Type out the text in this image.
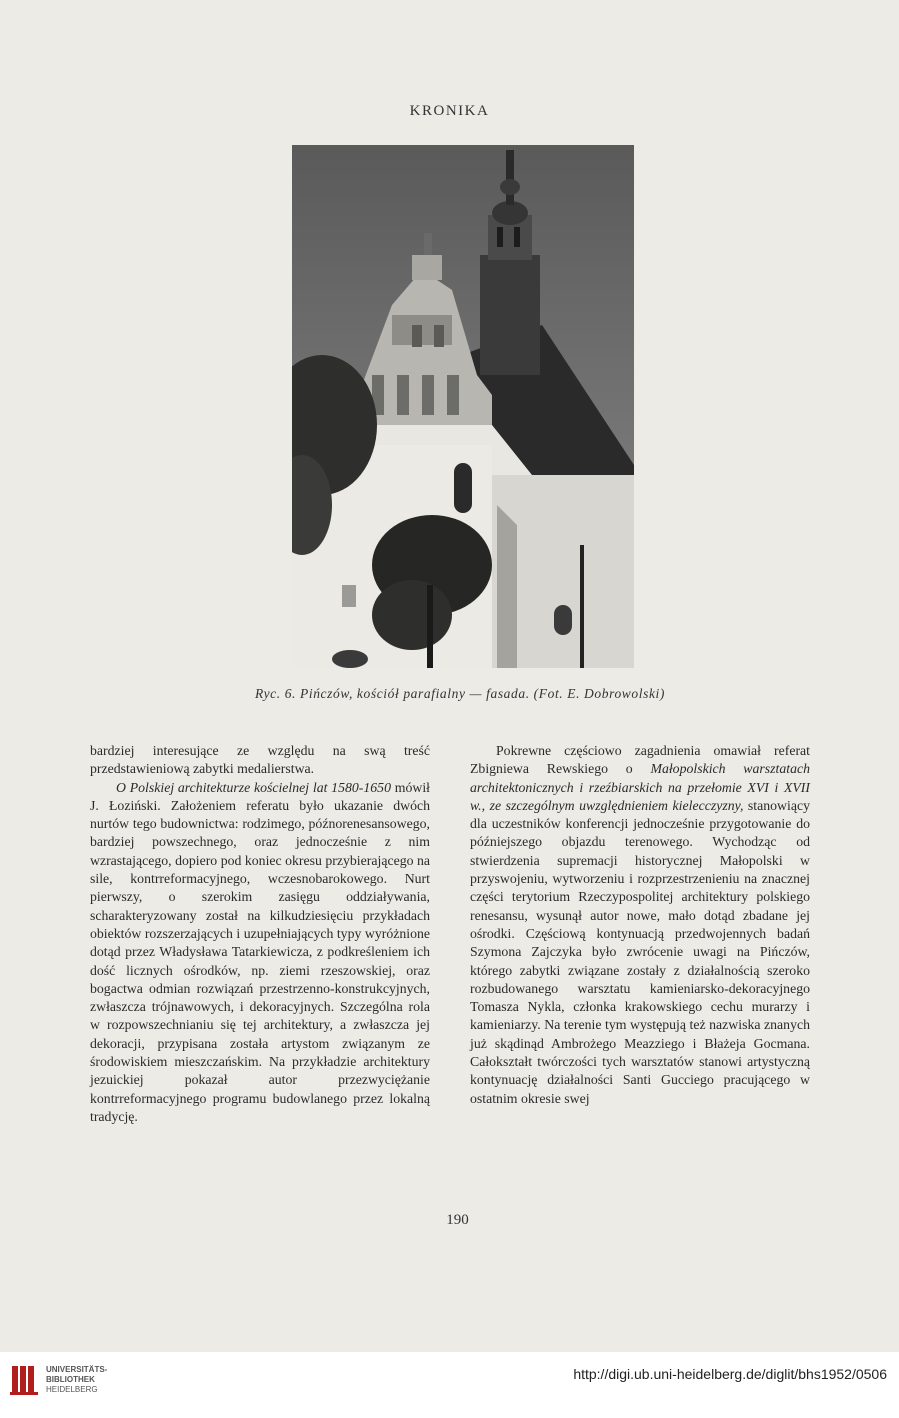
KRONIKA
Ryc. 6. Pińczów, kościół parafialny — fasada. (Fot. E. Dobrowolski)

bardziej interesujące ze względu na swą treść przedstawieniową zabytki medalierstwa.

O Polskiej architekturze kościelnej lat 1580-1650 mówił J. Łoziński. Założeniem referatu było ukazanie dwóch nurtów tego budownictwa: rodzimego, późnorenesansowego, bardziej powszechnego, oraz jednocześnie z nim wzrastającego, dopiero pod koniec okresu przybierającego na sile, kontrreformacyjnego, wczesnobarokowego. Nurt pierwszy, o szerokim zasięgu oddziaływania, scharakteryzowany został na kilkudziesięciu przykładach obiektów rozszerzających i uzupełniających typy wyróżnione dotąd przez Władysława Tatarkiewicza, z podkreśleniem ich dość licznych ośrodków, np. ziemi rzeszowskiej, oraz bogactwa odmian rozwiązań przestrzenno-konstrukcyjnych, zwłaszcza trójnawowych, i dekoracyjnych. Szczególna rola w rozpowszechnianiu się tej architektury, a zwłaszcza jej dekoracji, przypisana została artystom związanym ze środowiskiem mieszczańskim. Na przykładzie architektury jezuickiej pokazał autor przezwyciężanie kontrreformacyjnego programu budowlanego przez lokalną tradycję.

Pokrewne częściowo zagadnienia omawiał referat Zbigniewa Rewskiego o Małopolskich warsztatach architektonicznych i rzeźbiarskich na przełomie XVI i XVII w., ze szczególnym uwzględnieniem kielecczyzny, stanowiący dla uczestników konferencji jednocześnie przygotowanie do późniejszego objazdu terenowego. Wychodząc od stwierdzenia supremacji historycznej Małopolski w przyswojeniu, wytworzeniu i rozprzestrzenieniu na znacznej części terytorium Rzeczypospolitej architektury polskiego renesansu, wysunął autor nowe, mało dotąd zbadane jej ośrodki. Częściową kontynuacją przedwojennych badań Szymona Zajczyka było zwrócenie uwagi na Pińczów, którego zabytki związane zostały z działalnością szeroko rozbudowanego warsztatu kamieniarsko-dekoracyjnego Tomasza Nykla, członka krakowskiego cechu murarzy i kamieniarzy. Na terenie tym występują też nazwiska znanych już skądinąd Ambrożego Meazziego i Błażeja Gocmana. Całokształt twórczości tych warsztatów stanowi artystyczną kontynuację działalności Santi Gucciego pracującego w ostatnim okresie swej

190
UNIVERSITÄTS-
BIBLIOTHEK
HEIDELBERG
http://digi.ub.uni-heidelberg.de/diglit/bhs1952/0506
